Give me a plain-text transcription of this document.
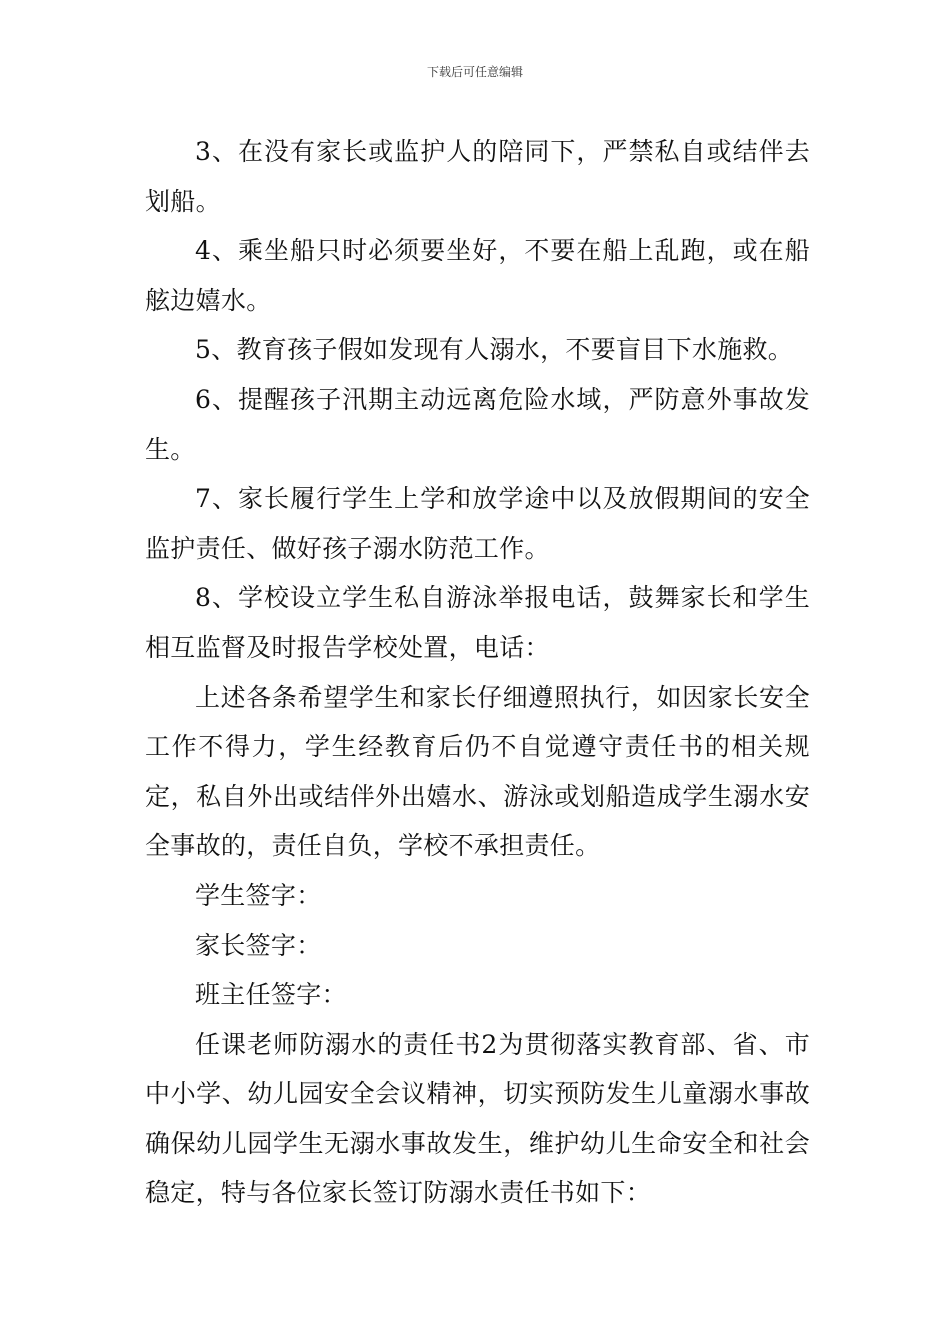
下载后可任意编辑

3、在没有家长或监护人的陪同下，严禁私自或结伴去划船。

4、乘坐船只时必须要坐好，不要在船上乱跑，或在船舷边嬉水。

5、教育孩子假如发现有人溺水，不要盲目下水施救。

6、提醒孩子汛期主动远离危险水域，严防意外事故发生。

7、家长履行学生上学和放学途中以及放假期间的安全监护责任、做好孩子溺水防范工作。

8、学校设立学生私自游泳举报电话，鼓舞家长和学生相互监督及时报告学校处置，电话：

上述各条希望学生和家长仔细遵照执行，如因家长安全工作不得力，学生经教育后仍不自觉遵守责任书的相关规定，私自外出或结伴外出嬉水、游泳或划船造成学生溺水安全事故的，责任自负，学校不承担责任。

学生签字：

家长签字：

班主任签字：

任课老师防溺水的责任书2为贯彻落实教育部、省、市中小学、幼儿园安全会议精神，切实预防发生儿童溺水事故确保幼儿园学生无溺水事故发生，维护幼儿生命安全和社会稳定，特与各位家长签订防溺水责任书如下：
